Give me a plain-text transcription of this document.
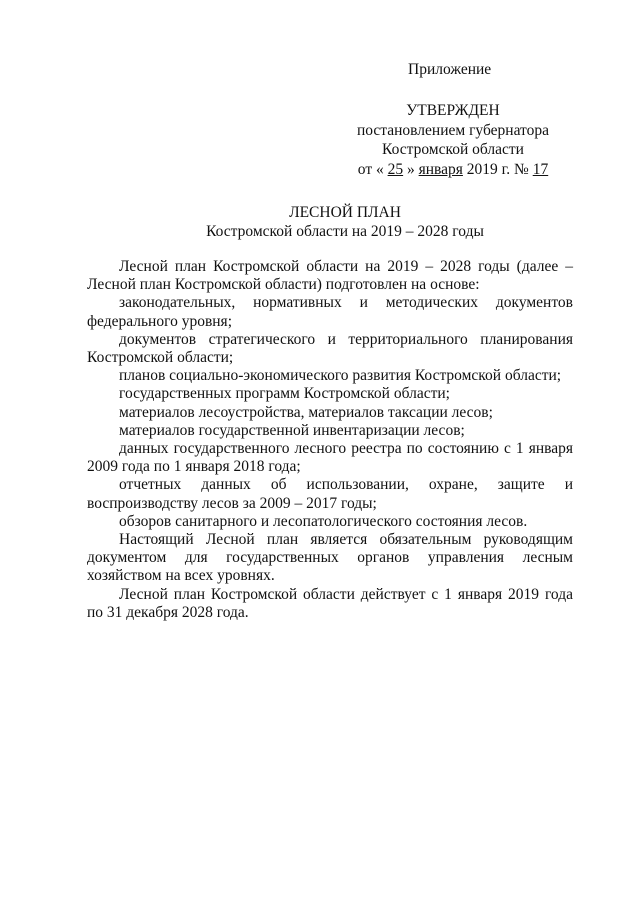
Приложение
УТВЕРЖДЕН
постановлением губернатора
Костромской области
от « 25 » января 2019 г. № 17
ЛЕСНОЙ ПЛАН
Костромской области на 2019 – 2028 годы

Лесной план Костромской области на 2019 – 2028 годы (далее – Лесной план Костромской области) подготовлен на основе:

законодательных, нормативных и методических документов федерального уровня;

документов стратегического и территориального планирования Костромской области;

планов социально-экономического развития Костромской области;

государственных программ Костромской области;

материалов лесоустройства, материалов таксации лесов;

материалов государственной инвентаризации лесов;

данных государственного лесного реестра по состоянию с 1 января 2009 года по 1 января 2018 года;

отчетных данных об использовании, охране, защите и воспроизводству лесов за 2009 – 2017 годы;

обзоров санитарного и лесопатологического состояния лесов.

Настоящий Лесной план является обязательным руководящим документом для государственных органов управления лесным хозяйством на всех уровнях.

Лесной план Костромской области действует с 1 января 2019 года по 31 декабря 2028 года.
